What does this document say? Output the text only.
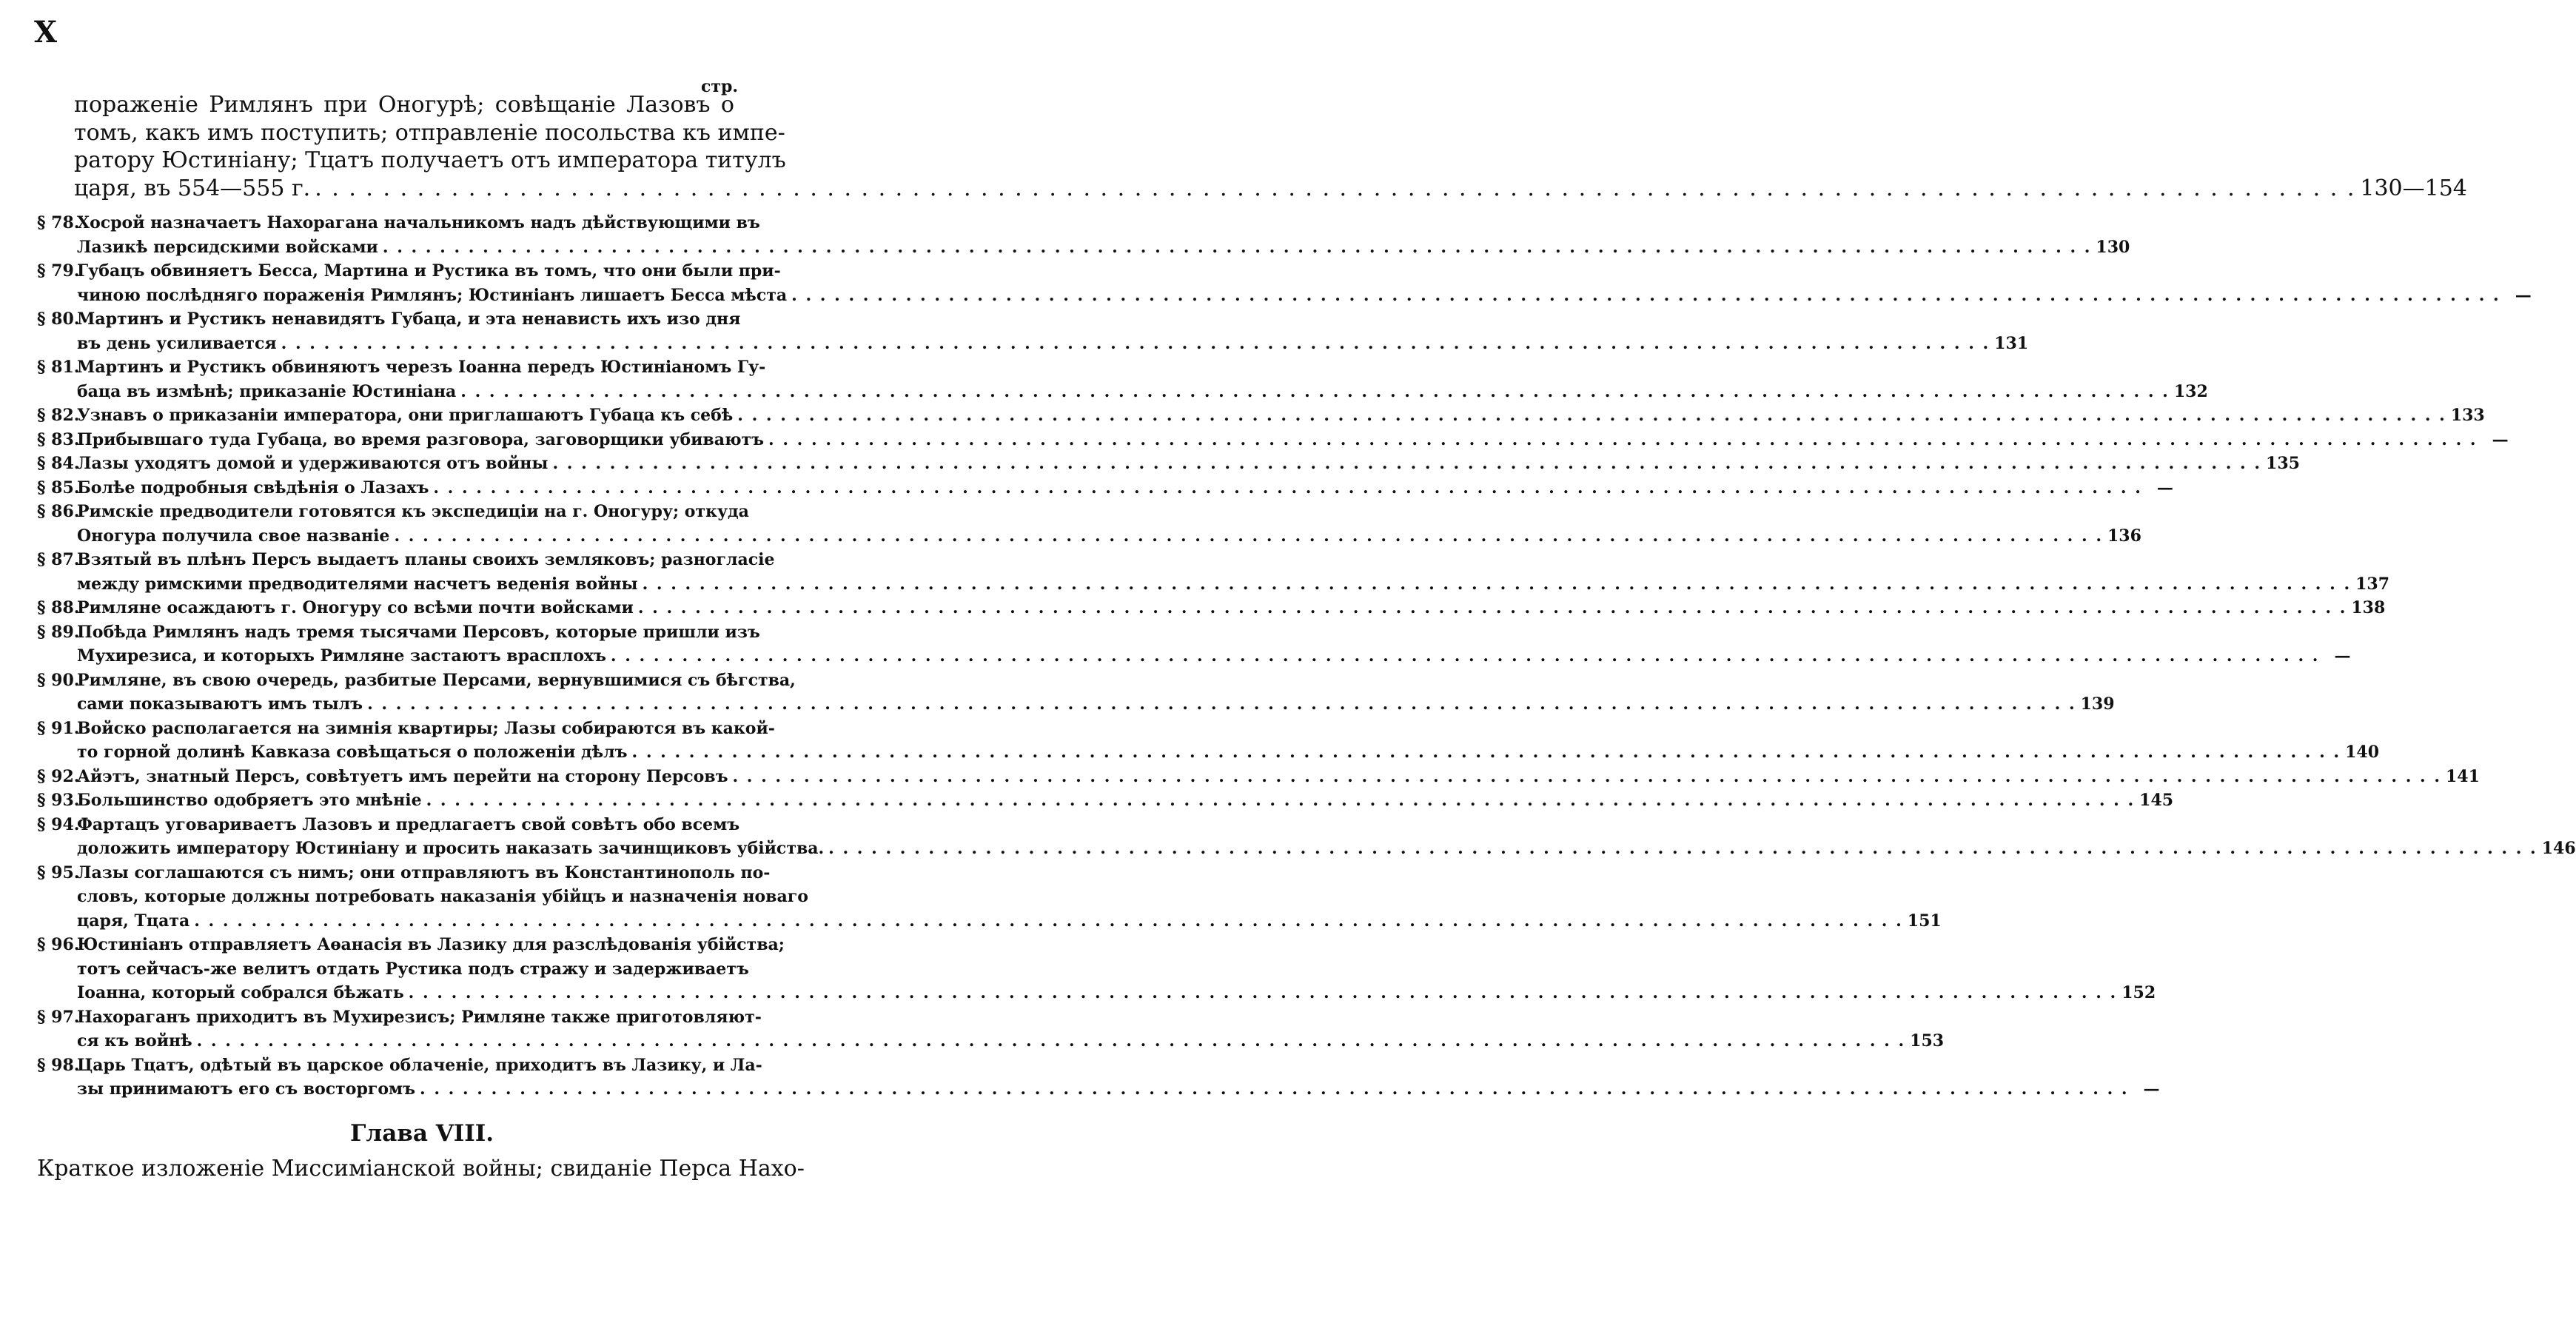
X
стр.
пораженіе Римлянъ при Оногурѣ; совѣщаніе Лазовъ о
томъ, какъ имъ поступить; отправленіе посольства къ импе-
ратору Юстиніану; Тцатъ получаетъ отъ императора титулъ
царя, въ 554—555 г. . . .	130—154
§ 78.
Хосрой назначаетъ Нахорагана начальникомъ надъ дѣйствующими въ
Лазикѣ персидскими войсками . . .	130
§ 79.
Губацъ обвиняетъ Бесса, Мартина и Рустика въ томъ, что они были при-
чиною послѣдняго пораженія Римлянъ; Юстиніанъ лишаетъ Бесса мѣста . . .	—
§ 80.
Мартинъ и Рустикъ ненавидятъ Губаца, и эта ненависть ихъ изо дня
въ день усиливается . . .	131
§ 81.
Мартинъ и Рустикъ обвиняютъ черезъ Іоанна передъ Юстиніаномъ Гу-
баца въ измѣнѣ; приказаніе Юстиніана . . .	132
§ 82.
Узнавъ о приказаніи императора, они приглашаютъ Губаца къ себѣ . . .	133
§ 83.
Прибывшаго туда Губаца, во время разговора, заговорщики убиваютъ . . .	—
§ 84.
Лазы уходятъ домой и удерживаются отъ войны . . .	135
§ 85.
Болѣе подробныя свѣдѣнія о Лазахъ . . .	—
§ 86.
Римскіе предводители готовятся къ экспедиціи на г. Оногуру; откуда
Оногура получила свое названіе . . .	136
§ 87.
Взятый въ плѣнъ Персъ выдаетъ планы своихъ земляковъ; разногласіе
между римскими предводителями насчетъ веденія войны . . .	137
§ 88.
Римляне осаждаютъ г. Оногуру со всѣми почти войсками . . .	138
§ 89.
Побѣда Римлянъ надъ тремя тысячами Персовъ, которые пришли изъ
Мухирезиса, и которыхъ Римляне застаютъ врасплохъ . . .	—
§ 90.
Римляне, въ свою очередь, разбитые Персами, вернувшимися съ бѣгства,
сами показываютъ имъ тылъ . . .	139
§ 91.
Войско располагается на зимнія квартиры; Лазы собираются въ какой-
то горной долинѣ Кавказа совѣщаться о положеніи дѣлъ . . .	140
§ 92.
Айэтъ, знатный Персъ, совѣтуетъ имъ перейти на сторону Персовъ . . .	141
§ 93.
Большинство одобряетъ это мнѣніе . . .	145
§ 94.
Фартацъ уговариваетъ Лазовъ и предлагаетъ свой совѣтъ обо всемъ
доложить императору Юстиніану и просить наказать зачинщиковъ убійства. . . .	146
§ 95.
Лазы соглашаются съ нимъ; они отправляютъ въ Константинополь по-
словъ, которые должны потребовать наказанія убійцъ и назначенія новаго
царя, Тцата . . .	151
§ 96.
Юстиніанъ отправляетъ Аѳанасія въ Лазику для разслѣдованія убійства;
тотъ сейчасъ-же велитъ отдать Рустика подъ стражу и задерживаетъ
Іоанна, который собрался бѣжать . . .	152
§ 97.
Нахораганъ приходитъ въ Мухирезисъ; Римляне также приготовляют-
ся къ войнѣ . . .	153
§ 98.
Царь Тцатъ, одѣтый въ царское облаченіе, приходитъ въ Лазику, и Ла-
зы принимаютъ его съ восторгомъ . . .	—
Глава VIII.
Краткое изложеніе Миссиміанской войны; свиданіе Перса Нахо-
